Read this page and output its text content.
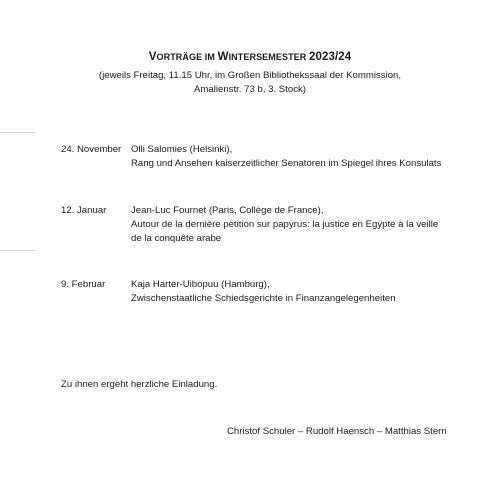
VORTRÄGE IM WINTERSEMESTER 2023/24
(jeweils Freitag, 11.15 Uhr, im Großen Bibliothekssaal der Kommission,
Amalienstr. 73 b, 3. Stock)
24. November Olli Salomies (Helsinki),
Rang und Ansehen kaiserzeitlicher Senatoren im Spiegel ihres Konsulats
12. Januar	Jean-Luc Fournet (Paris, Collège de France),
Autour de la dernière pétition sur papyrus: la justice en Egypte à la veille
de la conquête arabe
9. Februar	Kaja Harter-Uibopuu (Hamburg),
Zwischenstaatliche Schiedsgerichte in Finanzangelegenheiten
Zu ihnen ergeht herzliche Einladung.
Christof Schuler – Rudolf Haensch – Matthias Stern
